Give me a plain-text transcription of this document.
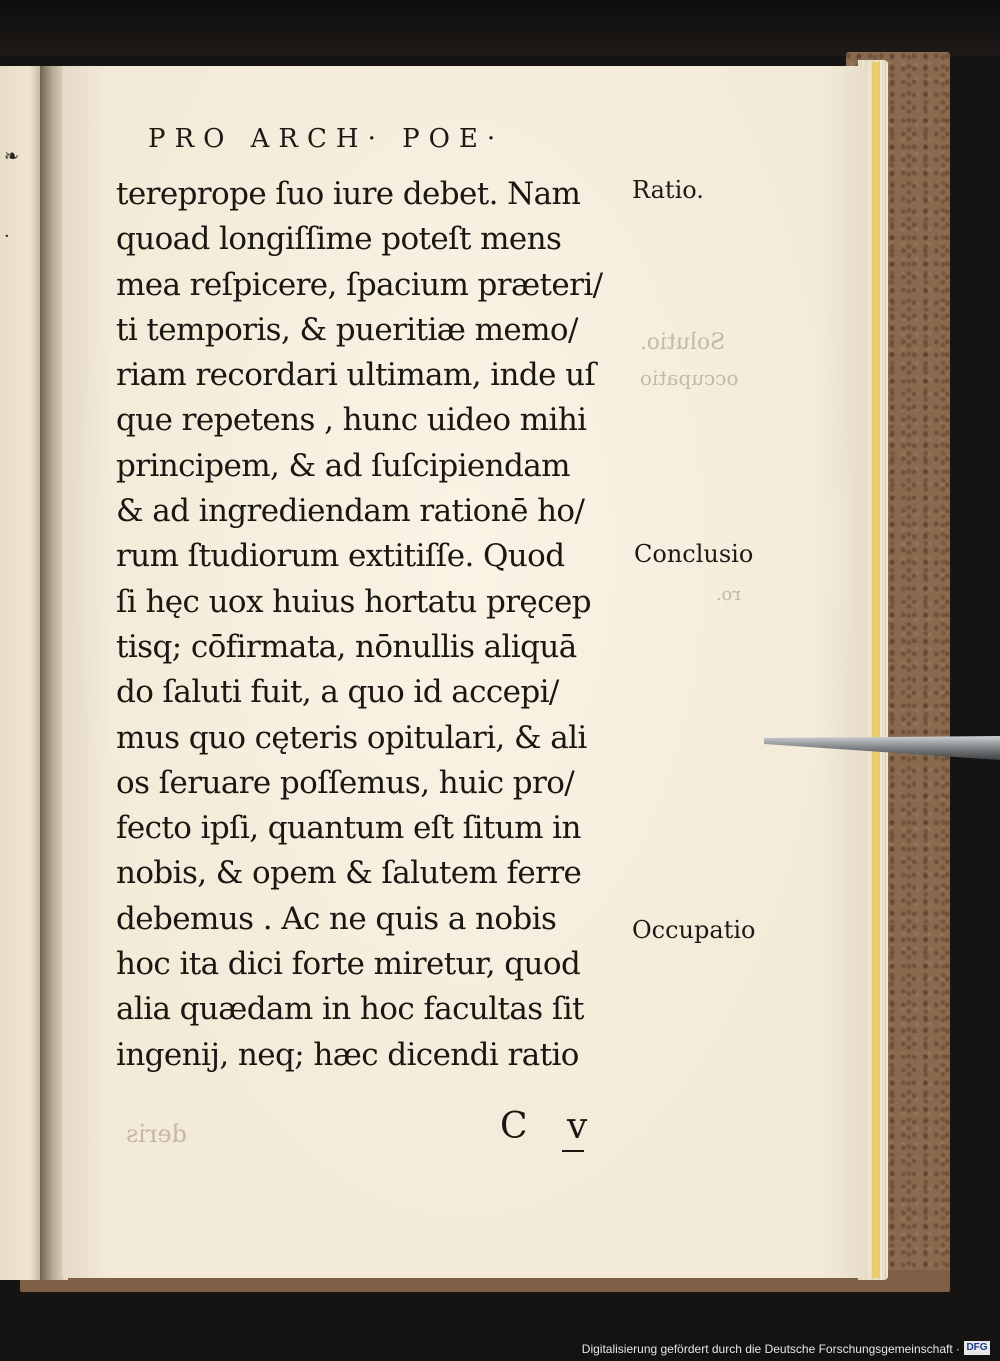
❧
·
Solutio.
occupatio
ro.
deris
PRO ARCH· POE·
tereprope ſuo iure debet. Nam
quoad longiſſime poteſt mens
mea reſpicere, ſpacium præteri/
ti temporis, & pueritiæ memo/
riam recordari ultimam, inde uſ
que repetens , hunc uideo mihi
principem, & ad ſuſcipiendam
& ad ingrediendam rationē ho/
rum ſtudiorum extitiſſe. Quod
ſi hęc uox huius hortatu pręcep
tisq; cōfirmata, nōnullis aliquā
do ſaluti fuit, a quo id accepi/
mus quo cęteris opitulari, & ali
os ſeruare poſſemus, huic pro/
fecto ipſi, quantum eſt ſitum in
nobis, & opem & ſalutem ferre
debemus . Ac ne quis a nobis
hoc ita dici forte miretur, quod
alia quædam in hoc facultas ſit
ingenij, neq; hæc dicendi ratio
Ratio.
Conclusio
Occupatio
C v
Digitalisierung gefördert durch die Deutsche Forschungsgemeinschaft · DFG
